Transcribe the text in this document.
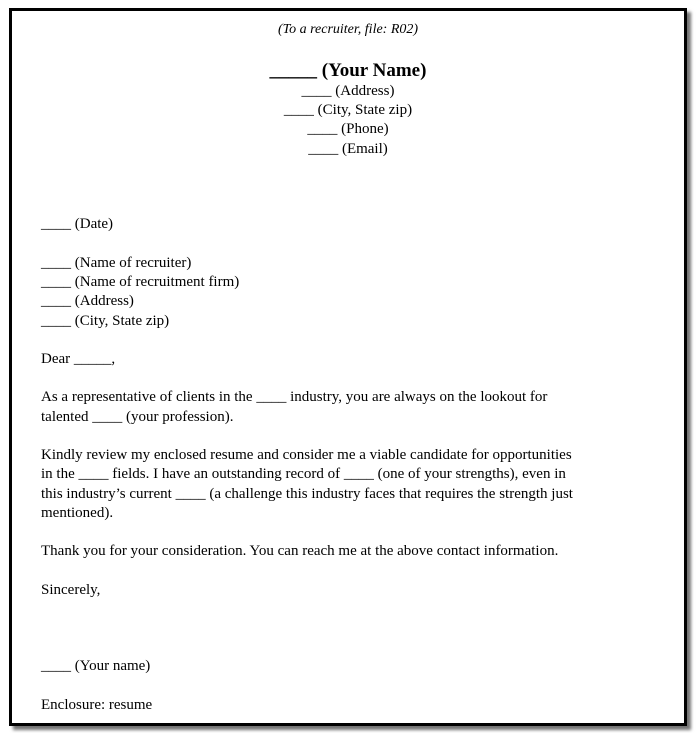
(To a recruiter, file: R02)
_____ (Your Name)
____ (Address)
____ (City, State zip)
____ (Phone)
____ (Email)
____ (Date)
____ (Name of recruiter)
____ (Name of recruitment firm)
____ (Address)
____ (City, State zip)
Dear _____,
As a representative of clients in the ____ industry, you are always on the lookout for
talented ____ (your profession).
Kindly review my enclosed resume and consider me a viable candidate for opportunities
in the ____ fields. I have an outstanding record of ____ (one of your strengths), even in
this industry’s current ____ (a challenge this industry faces that requires the strength just
mentioned).
Thank you for your consideration. You can reach me at the above contact information.
Sincerely,
____ (Your name)
Enclosure: resume
